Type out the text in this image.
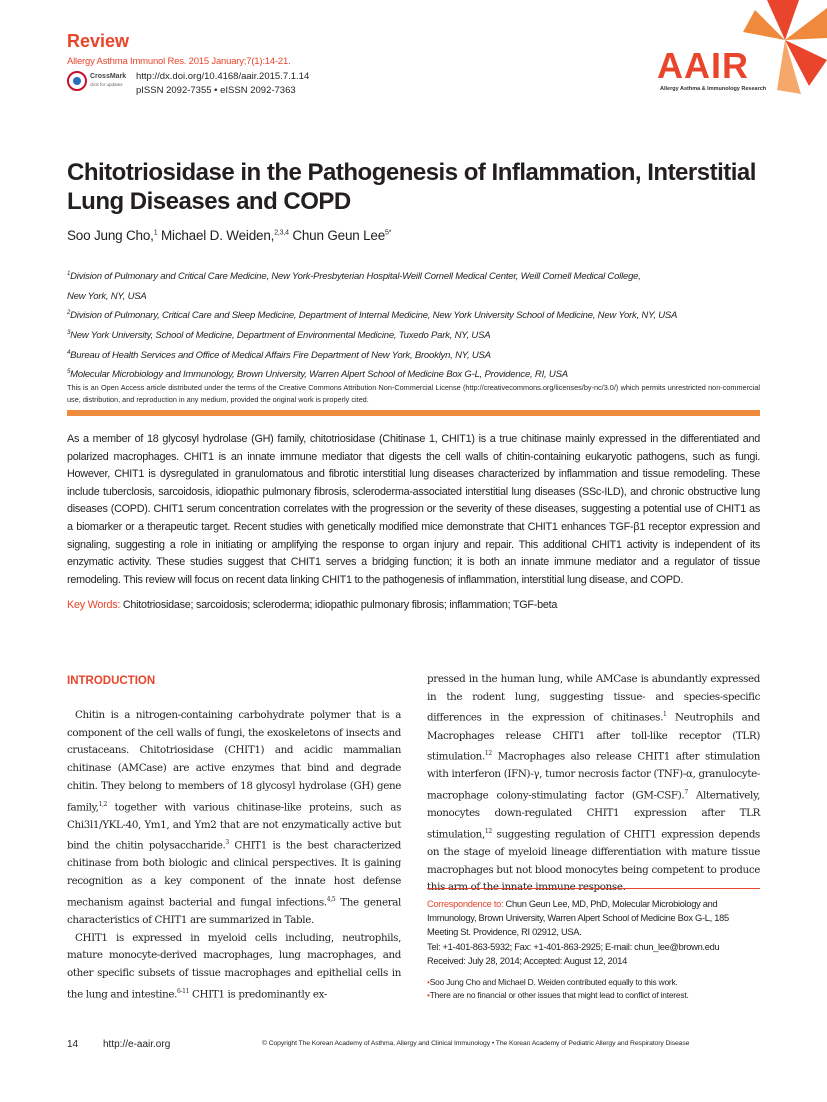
Review
Allergy Asthma Immunol Res. 2015 January;7(1):14-21.
CrossMark
click for updates
http://dx.doi.org/10.4168/aair.2015.7.1.14
pISSN 2092-7355 • eISSN 2092-7363
AAIR
Allergy Asthma & Immunology Research
Chitotriosidase in the Pathogenesis of Inflammation, Interstitial Lung Diseases and COPD
Soo Jung Cho,$^1$ Michael D. Weiden,$^{2,3,4}$ Chun Geun Lee$^{5*}$
$^1$Division of Pulmonary and Critical Care Medicine, New York-Presbyterian Hospital-Weill Cornell Medical Center, Weill Cornell Medical College,
New York, NY, USA
$^2$Division of Pulmonary, Critical Care and Sleep Medicine, Department of Internal Medicine, New York University School of Medicine, New York, NY, USA
$^3$New York University, School of Medicine, Department of Environmental Medicine, Tuxedo Park, NY, USA
$^4$Bureau of Health Services and Office of Medical Affairs Fire Department of New York, Brooklyn, NY, USA
$^5$Molecular Microbiology and Immunology, Brown University, Warren Alpert School of Medicine Box G-L, Providence, RI, USA

This is an Open Access article distributed under the terms of the Creative Commons Attribution Non-Commercial License (http://creativecommons.org/licenses/by-nc/3.0/) which permits unrestricted non-commercial use, distribution, and reproduction in any medium, provided the original work is properly cited.

As a member of 18 glycosyl hydrolase (GH) family, chitotriosidase (Chitinase 1, CHIT1) is a true chitinase mainly expressed in the differentiated and polarized macrophages. CHIT1 is an innate immune mediator that digests the cell walls of chitin-containing eukaryotic pathogens, such as fungi. However, CHIT1 is dysregulated in granulomatous and fibrotic interstitial lung diseases characterized by inflammation and tissue remodeling. These include tuberclosis, sarcoidosis, idiopathic pulmonary fibrosis, scleroderma-associated interstitial lung diseases (SSc-ILD), and chronic obstructive lung diseases (COPD). CHIT1 serum concentration correlates with the progression or the severity of these diseases, suggesting a potential use of CHIT1 as a biomarker or a therapeutic target. Recent studies with genetically modified mice demonstrate that CHIT1 enhances TGF-β1 receptor expression and signaling, suggesting a role in initiating or amplifying the response to organ injury and repair. This additional CHIT1 activity is independent of its enzymatic activity. These studies suggest that CHIT1 serves a bridging function; it is both an innate immune mediator and a regulator of tissue remodeling. This review will focus on recent data linking CHIT1 to the pathogenesis of inflammation, interstitial lung disease, and COPD.

Key Words: Chitotriosidase; sarcoidosis; scleroderma; idiopathic pulmonary fibrosis; inflammation; TGF-beta

INTRODUCTION

Chitin is a nitrogen-containing carbohydrate polymer that is a component of the cell walls of fungi, the exoskeletons of insects and crustaceans. Chitotriosidase (CHIT1) and acidic mammalian chitinase (AMCase) are active enzymes that bind and degrade chitin. They belong to members of 18 glycosyl hydrolase (GH) gene family,$^{1,2}$ together with various chitinase-like proteins, such as Chi3l1/YKL-40, Ym1, and Ym2 that are not enzymatically active but bind the chitin polysaccharide.$^3$ CHIT1 is the best characterized chitinase from both biologic and clinical perspectives. It is gaining recognition as a key component of the innate host defense mechanism against bacterial and fungal infections.$^{4,5}$ The general characteristics of CHIT1 are summarized in Table.

CHIT1 is expressed in myeloid cells including, neutrophils, mature monocyte-derived macrophages, lung macrophages, and other specific subsets of tissue macrophages and epithelial cells in the lung and intestine.$^{6-11}$ CHIT1 is predominantly ex-

pressed in the human lung, while AMCase is abundantly expressed in the rodent lung, suggesting tissue- and species-specific differences in the expression of chitinases.$^1$ Neutrophils and Macrophages release CHIT1 after toll-like receptor (TLR) stimulation.$^{12}$ Macrophages also release CHIT1 after stimulation with interferon (IFN)-γ, tumor necrosis factor (TNF)-α, granulocyte-macrophage colony-stimulating factor (GM-CSF).$^7$ Alternatively, monocytes down-regulated CHIT1 expression after TLR stimulation,$^{12}$ suggesting regulation of CHIT1 expression depends on the stage of myeloid lineage differentiation with mature tissue macrophages but not blood monocytes being competent to produce

Correspondence to: Chun Geun Lee, MD, PhD, Molecular Microbiology and Immunology, Brown University, Warren Alpert School of Medicine Box G-L, 185 Meeting St. Providence, RI 02912, USA.
Tel: +1-401-863-5932; Fax: +1-401-863-2925; E-mail: chun_lee@brown.edu
Received: July 28, 2014; Accepted: August 12, 2014
•Soo Jung Cho and Michael D. Weiden contributed equally to this work.
•There are no financial or other issues that might lead to conflict of interest.
14 http://e-aair.org	© Copyright The Korean Academy of Asthma, Allergy and Clinical Immunology • The Korean Academy of Pediatric Allergy and Respiratory Disease
